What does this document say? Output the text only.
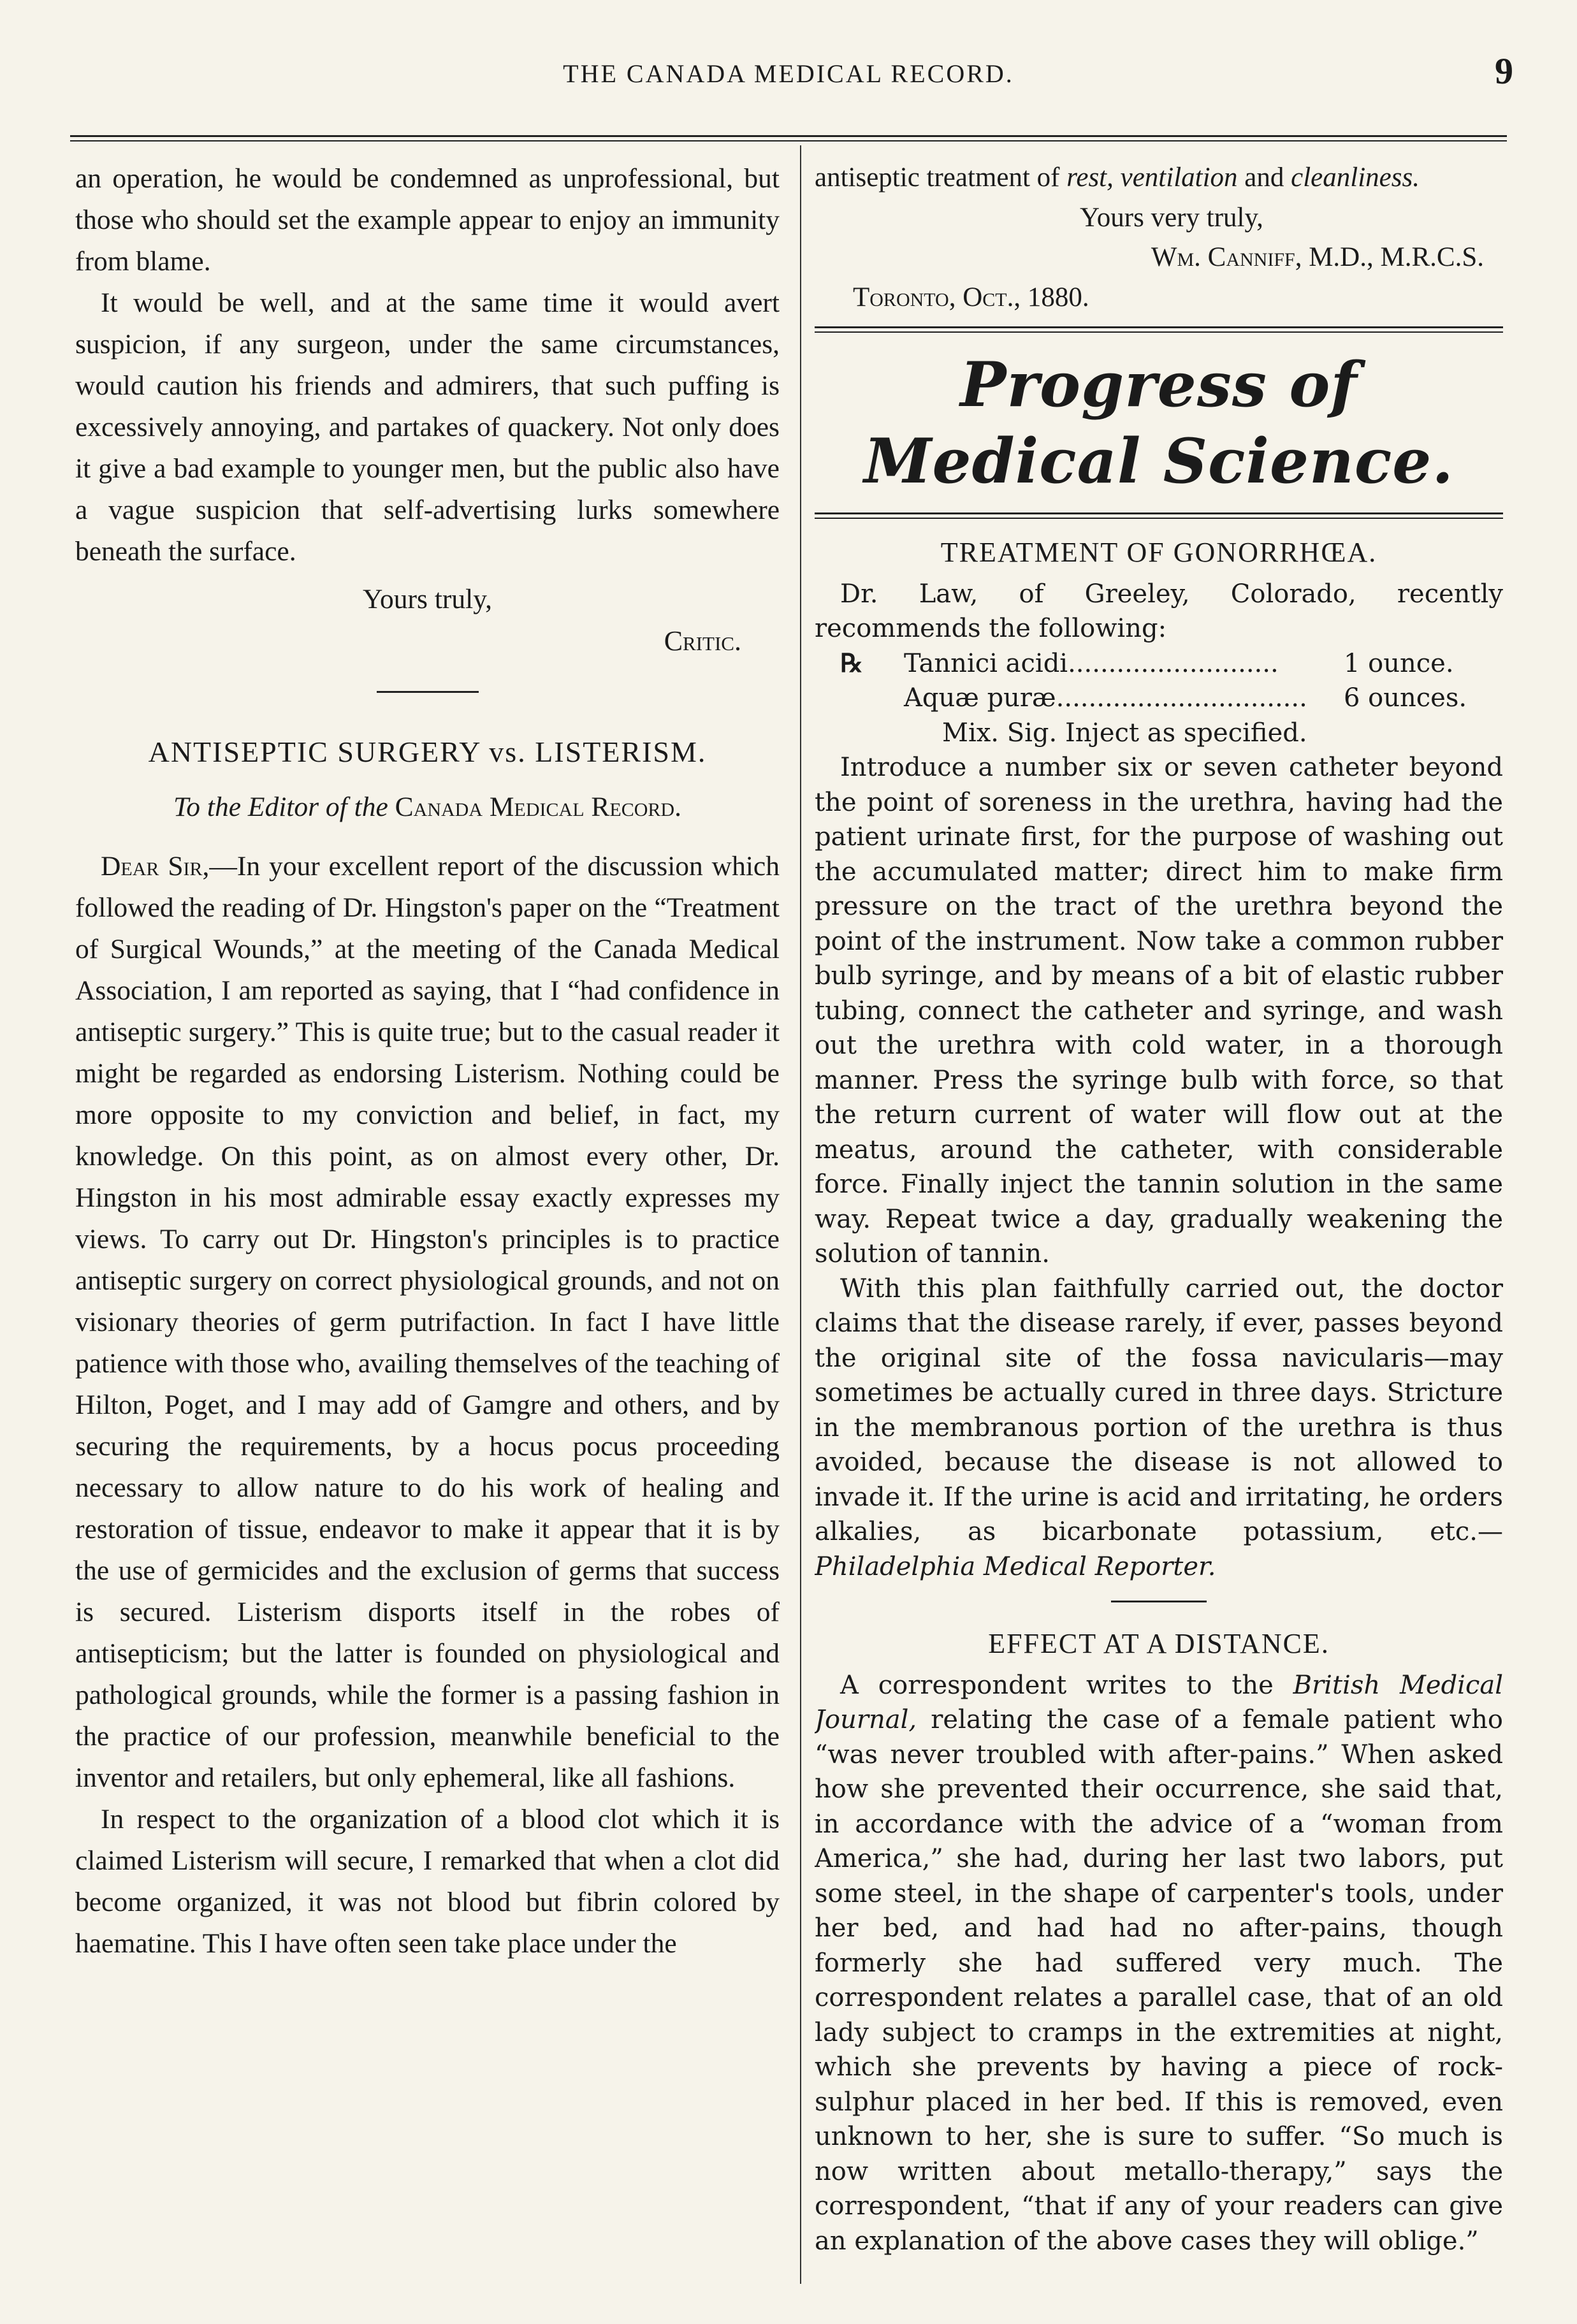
THE CANADA MEDICAL RECORD.	9

an operation, he would be condemned as unprofessional, but those who should set the example appear to enjoy an immunity from blame.

It would be well, and at the same time it would avert suspicion, if any surgeon, under the same circumstances, would caution his friends and admirers, that such puffing is excessively annoying, and partakes of quackery. Not only does it give a bad example to younger men, but the public also have a vague suspicion that self-advertising lurks somewhere beneath the surface.

Yours truly,

Critic.

ANTISEPTIC SURGERY vs. LISTERISM.
To the Editor of the Canada Medical Record.

Dear Sir,—In your excellent report of the discussion which followed the reading of Dr. Hingston's paper on the “Treatment of Surgical Wounds,” at the meeting of the Canada Medical Association, I am reported as saying, that I “had confidence in antiseptic surgery.” This is quite true; but to the casual reader it might be regarded as endorsing Listerism. Nothing could be more opposite to my conviction and belief, in fact, my knowledge. On this point, as on almost every other, Dr. Hingston in his most admirable essay exactly expresses my views. To carry out Dr. Hingston's principles is to practice antiseptic surgery on correct physiological grounds, and not on visionary theories of germ putrifaction. In fact I have little patience with those who, availing themselves of the teaching of Hilton, Poget, and I may add of Gamgre and others, and by securing the requirements, by a hocus pocus proceeding necessary to allow nature to do his work of healing and restoration of tissue, endeavor to make it appear that it is by the use of germicides and the exclusion of germs that success is secured. Listerism disports itself in the robes of antisepticism; but the latter is founded on physiological and pathological grounds, while the former is a passing fashion in the practice of our profession, meanwhile beneficial to the inventor and retailers, but only ephemeral, like all fashions.

In respect to the organization of a blood clot which it is claimed Listerism will secure, I remarked that when a clot did become organized, it was not blood but fibrin colored by haematine. This I have often seen take place under the

antiseptic treatment of rest, ventilation and cleanliness.

Yours very truly,

Wm. Canniff, M.D., M.R.C.S.

Toronto, Oct., 1880.

Progress of Medical Science.
TREATMENT OF GONORRHŒA.

Dr. Law, of Greeley, Colorado, recently recommends the following:

℞	Tannici acidi..........................	1 ounce.
Aquæ puræ...............................	6 ounces.
Mix. Sig. Inject as specified.

Introduce a number six or seven catheter beyond the point of soreness in the urethra, having had the patient urinate first, for the purpose of washing out the accumulated matter; direct him to make firm pressure on the tract of the urethra beyond the point of the instrument. Now take a common rubber bulb syringe, and by means of a bit of elastic rubber tubing, connect the catheter and syringe, and wash out the urethra with cold water, in a thorough manner. Press the syringe bulb with force, so that the return current of water will flow out at the meatus, around the catheter, with considerable force. Finally inject the tannin solution in the same way. Repeat twice a day, gradually weakening the solution of tannin.

With this plan faithfully carried out, the doctor claims that the disease rarely, if ever, passes beyond the original site of the fossa navicularis—may sometimes be actually cured in three days. Stricture in the membranous portion of the urethra is thus avoided, because the disease is not allowed to invade it. If the urine is acid and irritating, he orders alkalies, as bicarbonate potassium, etc.—Philadelphia Medical Reporter.

EFFECT AT A DISTANCE.

A correspondent writes to the British Medical Journal, relating the case of a female patient who “was never troubled with after-pains.” When asked how she prevented their occurrence, she said that, in accordance with the advice of a “woman from America,” she had, during her last two labors, put some steel, in the shape of carpenter's tools, under her bed, and had had no after-pains, though formerly she had suffered very much. The correspondent relates a parallel case, that of an old lady subject to cramps in the extremities at night, which she prevents by having a piece of rock-sulphur placed in her bed. If this is removed, even unknown to her, she is sure to suffer. “So much is now written about metallo-therapy,” says the correspondent, “that if any of your readers can give an explanation of the above cases they will oblige.”
